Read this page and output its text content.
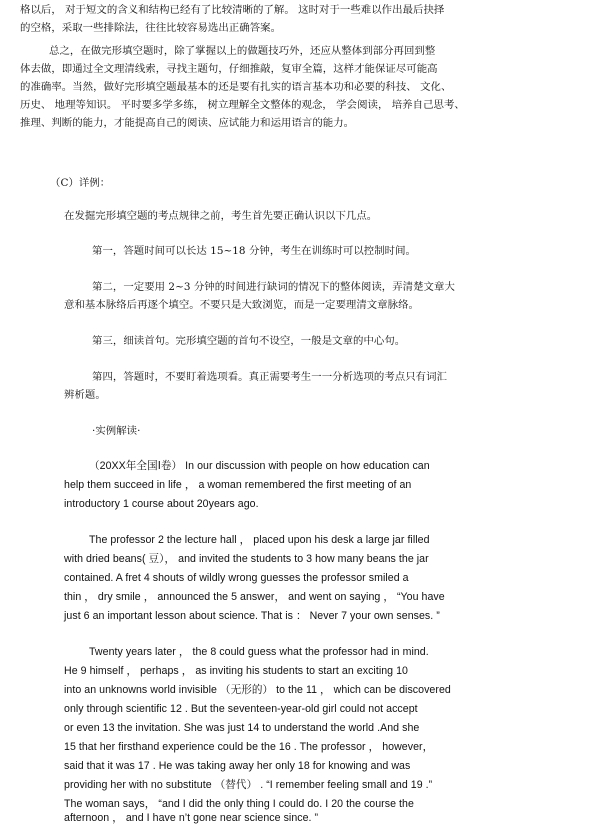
格以后， 对于短文的含义和结构已经有了比较清晰的了解。 这时对于一些难以作出最后抉择
的空格，采取一些排除法，往往比较容易选出正确答案。
总之，在做完形填空题时，除了掌握以上的做题技巧外，还应从整体到部分再回到整
体去做，即通过全文理清线索，寻找主题句，仔细推敲，复审全篇，这样才能保证尽可能高
的准确率。当然，做好完形填空题最基本的还是要有扎实的语言基本功和必要的科技、 文化、
历史、 地理等知识。 平时要多学多练， 树立理解全文整体的观念， 学会阅读， 培养自己思考、
推理、判断的能力，才能提高自己的阅读、应试能力和运用语言的能力。
（C）详例：
在发掘完形填空题的考点规律之前，考生首先要正确认识以下几点。
第一，答题时间可以长达 15~18 分钟，考生在训练时可以控制时间。
第二，一定要用 2~3 分钟的时间进行缺词的情况下的整体阅读，弄清楚文章大
意和基本脉络后再逐个填空。不要只是大致浏览，而是一定要理清文章脉络。
第三，细读首句。完形填空题的首句不设空，一般是文章的中心句。
第四，答题时，不要盯着选项看。真正需要考生一一分析选项的考点只有词汇
辨析题。
·实例解读·
（20XX年全国Ⅰ卷） In our discussion with people on how education can
help them succeed in life ， a woman remembered the first meeting of an
introductory 1 course about 20years ago.
The professor 2 the lecture hall ， placed upon his desk a large jar filled
with dried beans( 豆）， and invited the students to 3 how many beans the jar
contained. A fret 4 shouts of wildly wrong guesses the professor smiled a
thin ， dry smile ， announced the 5 answer， and went on saying ， “You have
just 6 an important lesson about science. That is ： Never 7 your own senses. ”
Twenty years later ， the 8 could guess what the professor had in mind.
He 9 himself ， perhaps ， as inviting his students to start an exciting 10
into an unknowns world invisible （无形的） to the 11 ， which can be discovered
only through scientific 12 . But the seventeen-year-old girl could not accept
or even 13 the invitation. She was just 14 to understand the world .And she
15 that her firsthand experience could be the 16 . The professor ， however，
said that it was 17 . He was taking away her only 18 for knowing and was
providing her with no substitute （替代） . “I remember feeling small and 19 .”
The woman says， “and I did the only thing I could do. I 20 the course the
afternoon ， and I have n’t gone near science since. ”
